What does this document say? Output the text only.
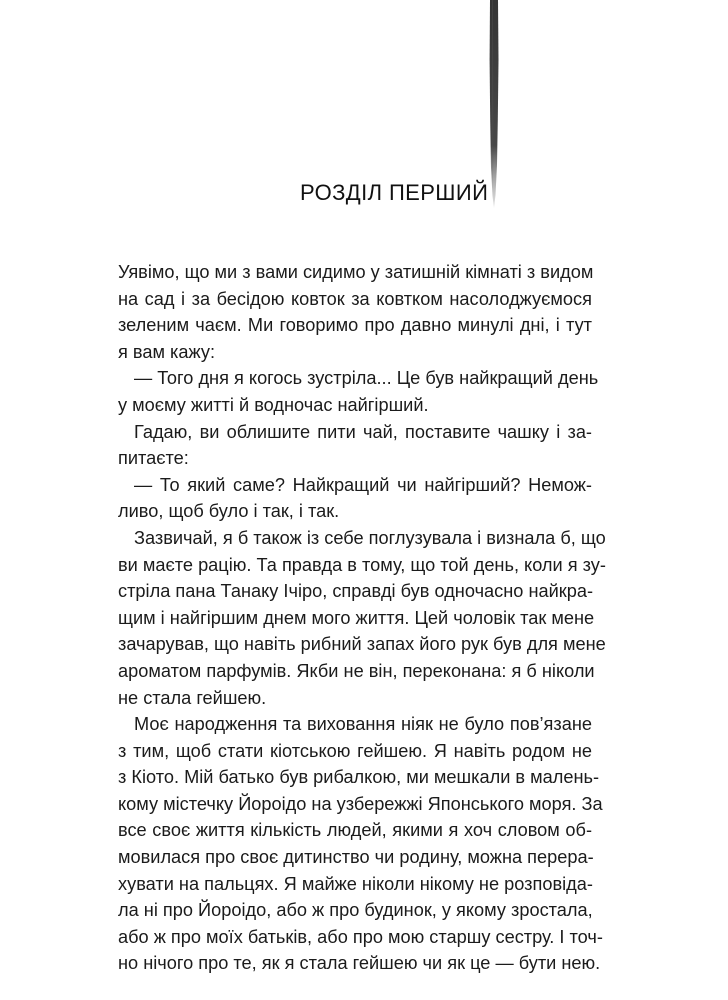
РОЗДІЛ ПЕРШИЙ
Уявімо, що ми з вами сидимо у затишній кімнаті з видом
на сад і за бесідою ковток за ковтком насолоджуємося
зеленим чаєм. Ми говоримо про давно минулі дні, і тут
я вам кажу:
— Того дня я когось зустріла... Це був найкращий день
у моєму житті й водночас найгірший.
Гадаю, ви облишите пити чай, поставите чашку і за-
питаєте:
— То який саме? Найкращий чи найгірший? Немож-
ливо, щоб було і так, і так.
Зазвичай, я б також із себе поглузувала і визнала б, що
ви маєте рацію. Та правда в тому, що той день, коли я зу-
стріла пана Танаку Ічіро, справді був одночасно найкра-
щим і найгіршим днем мого життя. Цей чоловік так мене
зачарував, що навіть рибний запах його рук був для мене
ароматом парфумів. Якби не він, переконана: я б ніколи
не стала гейшею.
Моє народження та виховання ніяк не було пов’язане
з тим, щоб стати кіотською гейшею. Я навіть родом не
з Кіото. Мій батько був рибалкою, ми мешкали в малень-
кому містечку Йороідо на узбережжі Японського моря. За
все своє життя кількість людей, якими я хоч словом об-
мовилася про своє дитинство чи родину, можна перера-
хувати на пальцях. Я майже ніколи нікому не розповіда-
ла ні про Йороідо, або ж про будинок, у якому зростала,
або ж про моїх батьків, або про мою старшу сестру. І точ-
но нічого про те, як я стала гейшею чи як це — бути нею.
